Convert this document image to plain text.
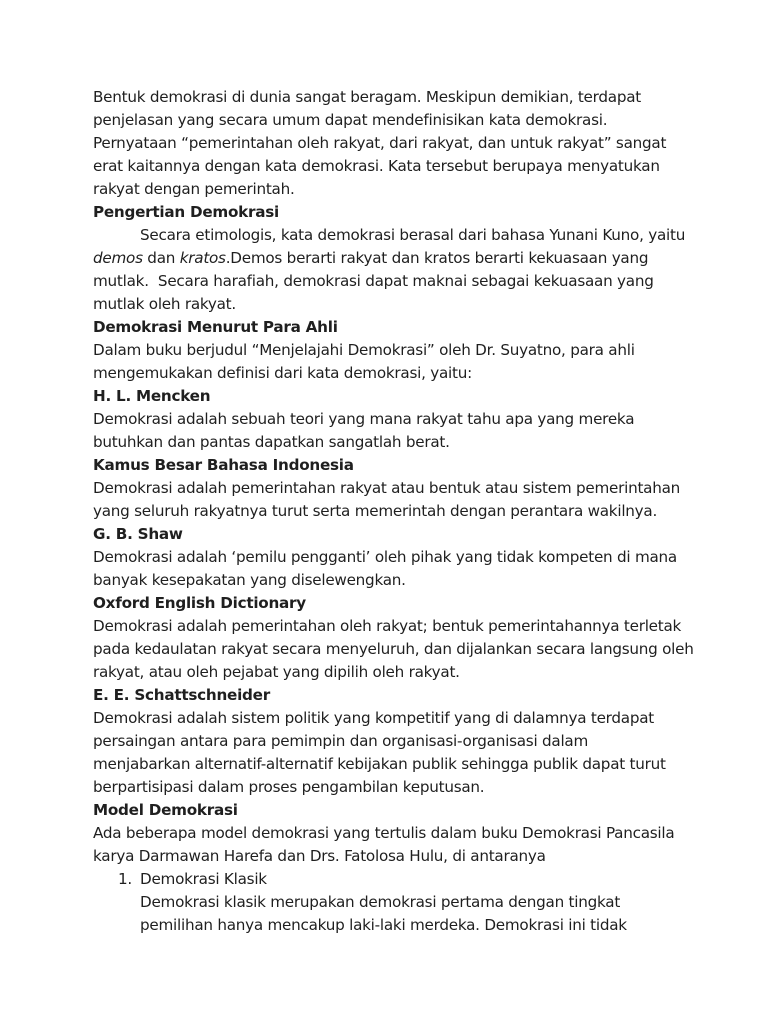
Bentuk demokrasi di dunia sangat beragam. Meskipun demikian, terdapat
penjelasan yang secara umum dapat mendefinisikan kata demokrasi.
Pernyataan “pemerintahan oleh rakyat, dari rakyat, dan untuk rakyat” sangat
erat kaitannya dengan kata demokrasi. Kata tersebut berupaya menyatukan
rakyat dengan pemerintah.
Pengertian Demokrasi
Secara etimologis, kata demokrasi berasal dari bahasa Yunani Kuno, yaitu
demos dan kratos.Demos berarti rakyat dan kratos berarti kekuasaan yang
mutlak.  Secara harafiah, demokrasi dapat maknai sebagai kekuasaan yang
mutlak oleh rakyat.
Demokrasi Menurut Para Ahli
Dalam buku berjudul “Menjelajahi Demokrasi” oleh Dr. Suyatno, para ahli
mengemukakan definisi dari kata demokrasi, yaitu:
H. L. Mencken
Demokrasi adalah sebuah teori yang mana rakyat tahu apa yang mereka
butuhkan dan pantas dapatkan sangatlah berat.
Kamus Besar Bahasa Indonesia
Demokrasi adalah pemerintahan rakyat atau bentuk atau sistem pemerintahan
yang seluruh rakyatnya turut serta memerintah dengan perantara wakilnya.
G. B. Shaw
Demokrasi adalah ‘pemilu pengganti’ oleh pihak yang tidak kompeten di mana
banyak kesepakatan yang diselewengkan.
Oxford English Dictionary
Demokrasi adalah pemerintahan oleh rakyat; bentuk pemerintahannya terletak
pada kedaulatan rakyat secara menyeluruh, dan dijalankan secara langsung oleh
rakyat, atau oleh pejabat yang dipilih oleh rakyat.
E. E. Schattschneider
Demokrasi adalah sistem politik yang kompetitif yang di dalamnya terdapat
persaingan antara para pemimpin dan organisasi-organisasi dalam
menjabarkan alternatif-alternatif kebijakan publik sehingga publik dapat turut
berpartisipasi dalam proses pengambilan keputusan.
Model Demokrasi
Ada beberapa model demokrasi yang tertulis dalam buku Demokrasi Pancasila
karya Darmawan Harefa dan Drs. Fatolosa Hulu, di antaranya
1. Demokrasi Klasik
Demokrasi klasik merupakan demokrasi pertama dengan tingkat
pemilihan hanya mencakup laki-laki merdeka. Demokrasi ini tidak
